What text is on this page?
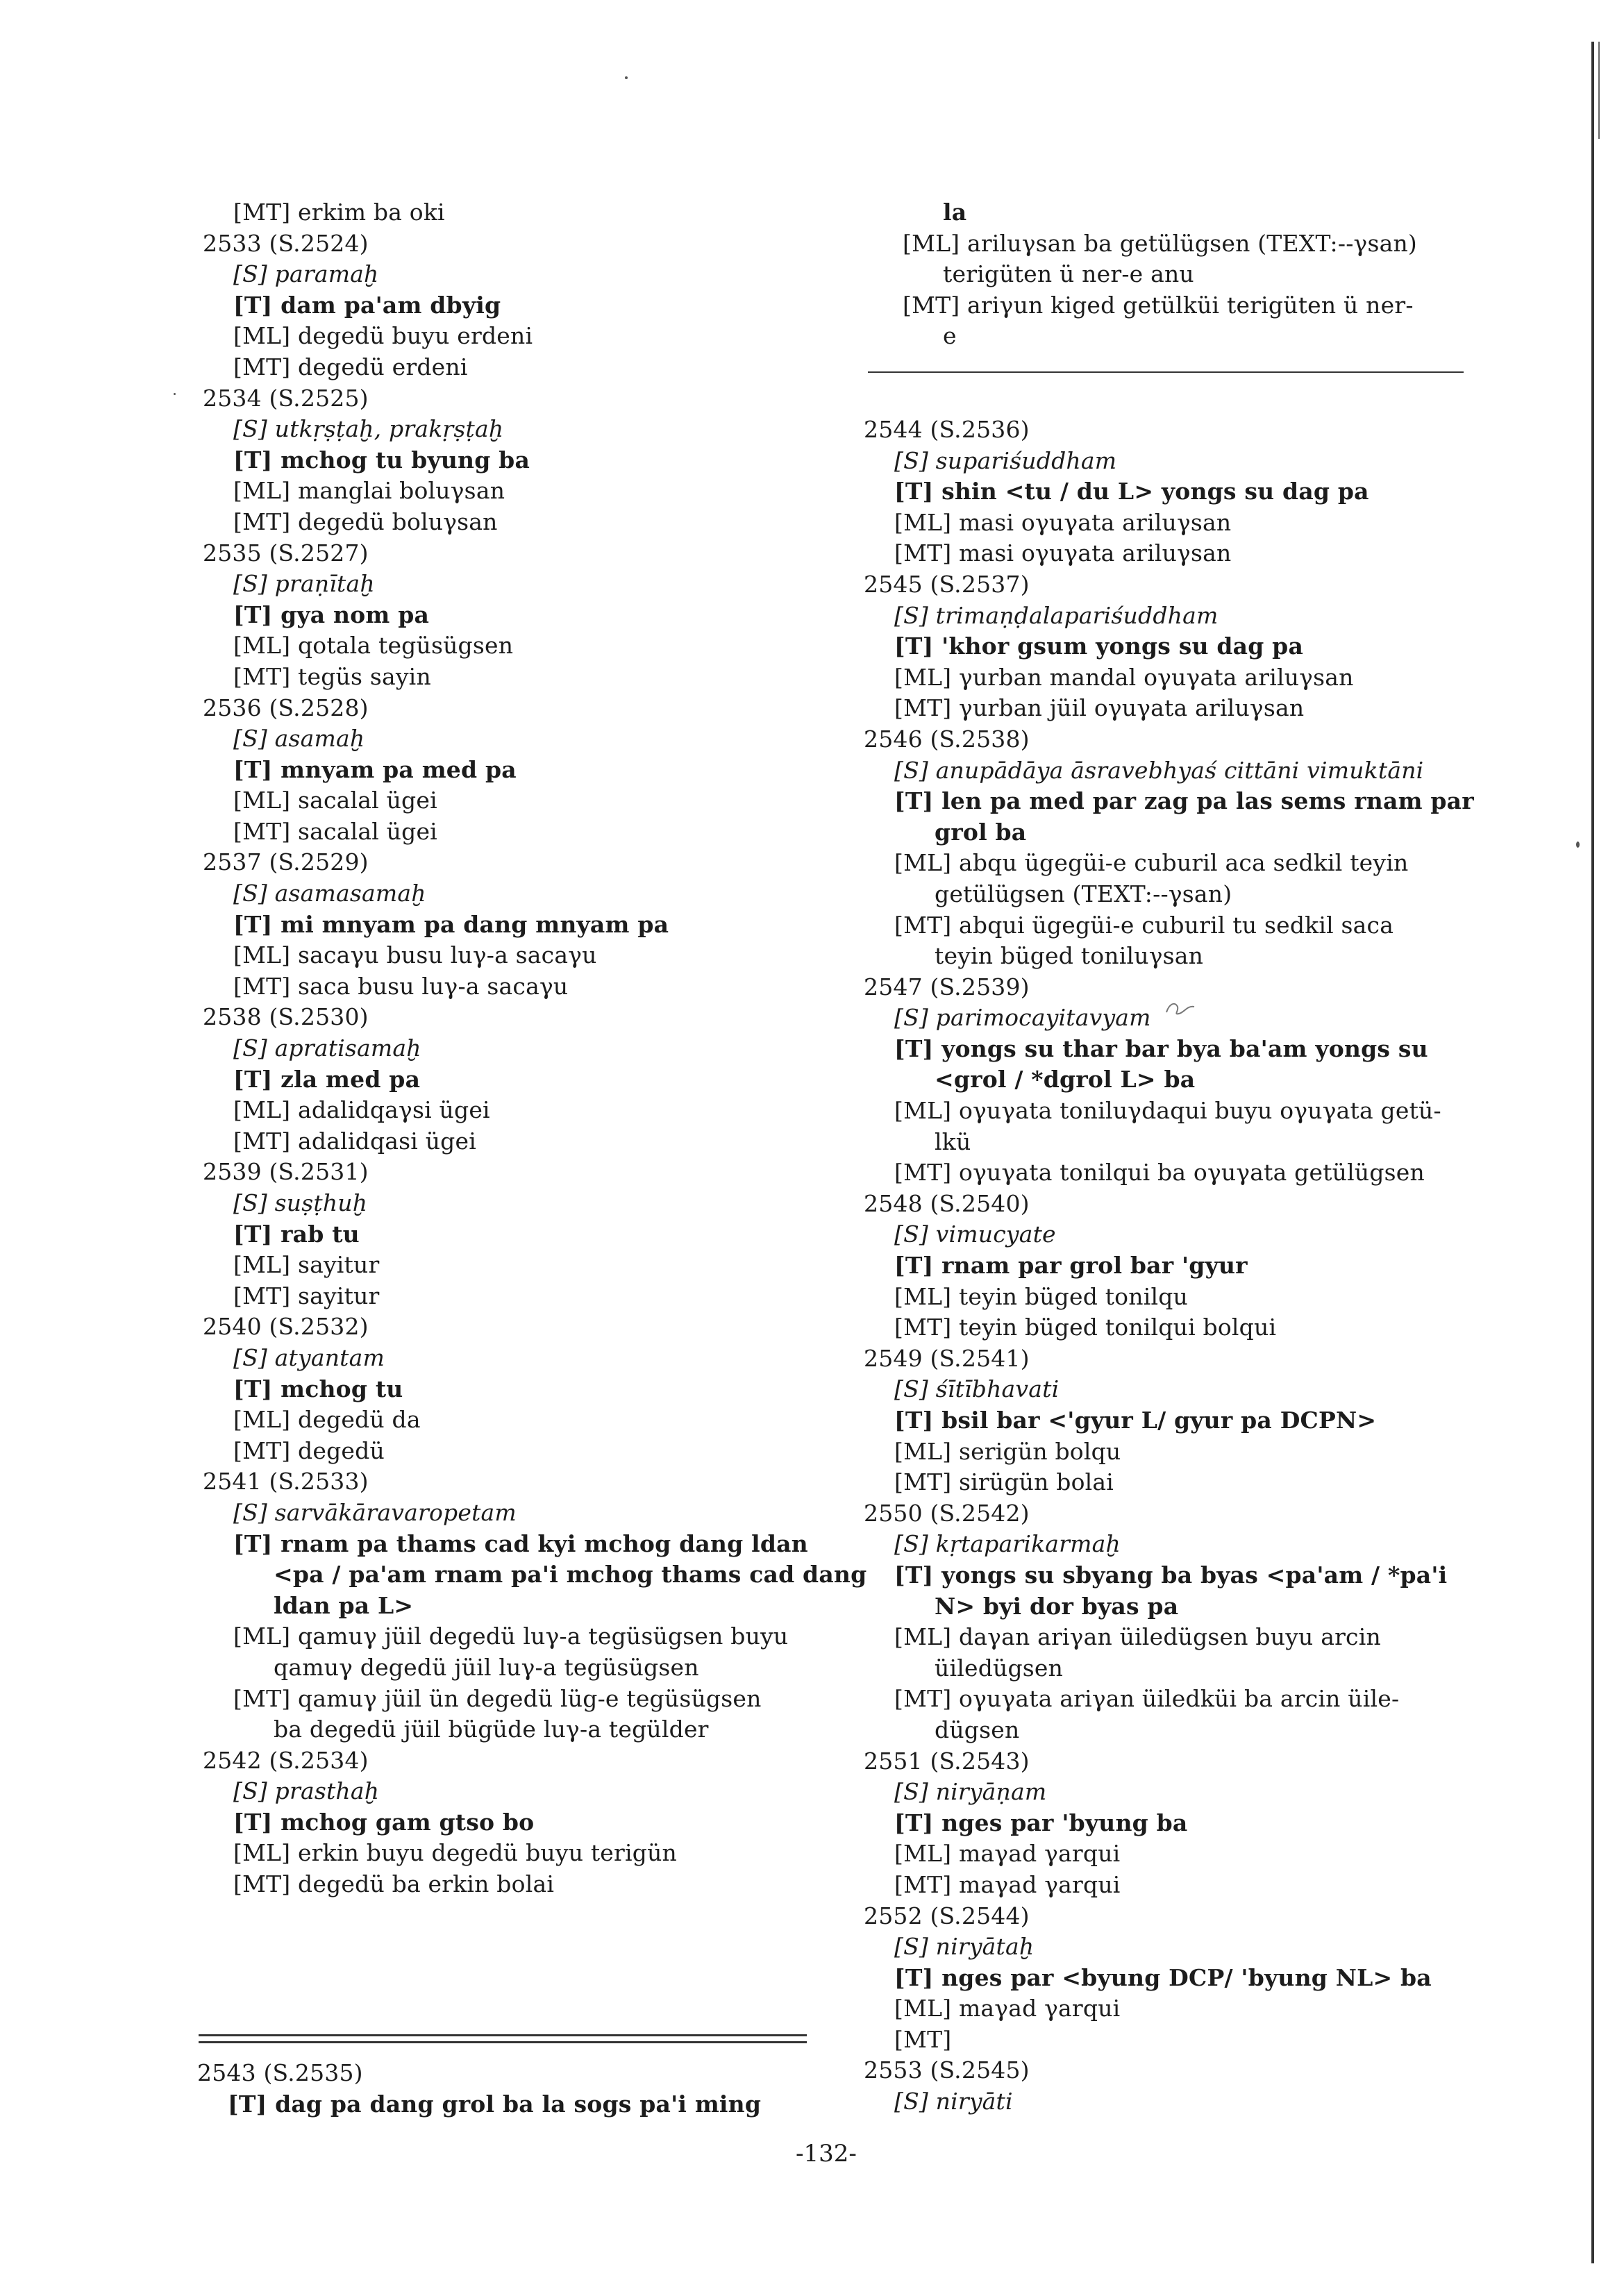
[MT] erkim ba oki
2533 (S.2524)
[S] paramaḫ
[T] dam pa'am dbyig
[ML] degedü buyu erdeni
[MT] degedü erdeni
2534 (S.2525)
[S] utkṛṣṭaḫ, prakṛṣṭaḫ
[T] mchog tu byung ba
[ML] manglai boluγsan
[MT] degedü boluγsan
2535 (S.2527)
[S] praṇītaḫ
[T] gya nom pa
[ML] qotala tegüsügsen
[MT] tegüs sayin
2536 (S.2528)
[S] asamaḫ
[T] mnyam pa med pa
[ML] sacalal ügei
[MT] sacalal ügei
2537 (S.2529)
[S] asamasamaḫ
[T] mi mnyam pa dang mnyam pa
[ML] sacaγu busu luγ-a sacaγu
[MT] saca busu luγ-a sacaγu
2538 (S.2530)
[S] apratisamaḫ
[T] zla med pa
[ML] adalidqaγsi ügei
[MT] adalidqasi ügei
2539 (S.2531)
[S] suṣṭhuḫ
[T] rab tu
[ML] sayitur
[MT] sayitur
2540 (S.2532)
[S] atyantam
[T] mchog tu
[ML] degedü da
[MT] degedü
2541 (S.2533)
[S] sarvākāravaropetam
[T] rnam pa thams cad kyi mchog dang ldan
<pa / pa'am rnam pa'i mchog thams cad dang
ldan pa L>
[ML] qamuγ jüil degedü luγ-a tegüsügsen buyu
qamuγ degedü jüil luγ-a tegüsügsen
[MT] qamuγ jüil ün degedü lüg-e tegüsügsen
ba degedü jüil bügüde luγ-a tegülder
2542 (S.2534)
[S] prasthaḫ
[T] mchog gam gtso bo
[ML] erkin buyu degedü buyu terigün
[MT] degedü ba erkin bolai
2543 (S.2535)
[T] dag pa dang grol ba la sogs pa'i ming
la
[ML] ariluγsan ba getülügsen (TEXT:--γsan)
terigüten ü ner-e anu
[MT] ariγun kiged getülküi terigüten ü ner-
e
2544 (S.2536)
[S] supariśuddham
[T] shin <tu / du L> yongs su dag pa
[ML] masi oγuγata ariluγsan
[MT] masi oγuγata ariluγsan
2545 (S.2537)
[S] trimaṇḍalapariśuddham
[T] 'khor gsum yongs su dag pa
[ML] γurban mandal oγuγata ariluγsan
[MT] γurban jüil oγuγata ariluγsan
2546 (S.2538)
[S] anupādāya āsravebhyaś cittāni vimuktāni
[T] len pa med par zag pa las sems rnam par
grol ba
[ML] abqu ügegüi-e cuburil aca sedkil teyin
getülügsen (TEXT:--γsan)
[MT] abqui ügegüi-e cuburil tu sedkil saca
teyin büged toniluγsan
2547 (S.2539)
[S] parimocayitavyam
[T] yongs su thar bar bya ba'am yongs su
<grol / *dgrol L> ba
[ML] oγuγata toniluγdaqui buyu oγuγata getü-
lkü
[MT] oγuγata tonilqui ba oγuγata getülügsen
2548 (S.2540)
[S] vimucyate
[T] rnam par grol bar 'gyur
[ML] teyin büged tonilqu
[MT] teyin büged tonilqui bolqui
2549 (S.2541)
[S] śītībhavati
[T] bsil bar <'gyur L/ gyur pa DCPN>
[ML] serigün bolqu
[MT] sirügün bolai
2550 (S.2542)
[S] kṛtaparikarmaḫ
[T] yongs su sbyang ba byas <pa'am / *pa'i
N> byi dor byas pa
[ML] daγan ariγan üiledügsen buyu arcin
üiledügsen
[MT] oγuγata ariγan üiledküi ba arcin üile-
dügsen
2551 (S.2543)
[S] niryāṇam
[T] nges par 'byung ba
[ML] maγad γarqui
[MT] maγad γarqui
2552 (S.2544)
[S] niryātaḫ
[T] nges par <byung DCP/ 'byung NL> ba
[ML] maγad γarqui
[MT]
2553 (S.2545)
[S] niryāti
-132-
